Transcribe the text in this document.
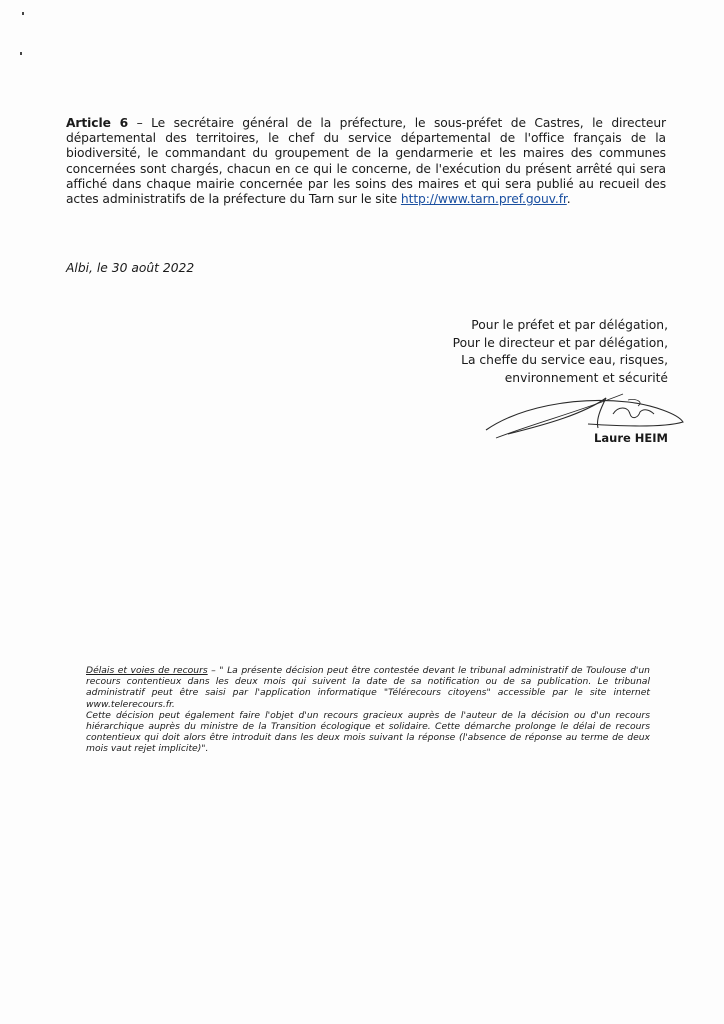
Article 6 – Le secrétaire général de la préfecture, le sous-préfet de Castres, le directeur départemental des territoires, le chef du service départemental de l'office français de la biodiversité, le commandant du groupement de la gendarmerie et les maires des communes concernées sont chargés, chacun en ce qui le concerne, de l'exécution du présent arrêté qui sera affiché dans chaque mairie concernée par les soins des maires et qui sera publié au recueil des actes administratifs de la préfecture du Tarn sur le site http://www.tarn.pref.gouv.fr.
Albi, le 30 août 2022
Pour le préfet et par délégation,
Pour le directeur et par délégation,
La cheffe du service eau, risques,
environnement et sécurité
Laure HEIM

Délais et voies de recours – " La présente décision peut être contestée devant le tribunal administratif de Toulouse d'un recours contentieux dans les deux mois qui suivent la date de sa notification ou de sa publication. Le tribunal administratif peut être saisi par l'application informatique "Télérecours citoyens" accessible par le site internet www.telerecours.fr.

Cette décision peut également faire l'objet d'un recours gracieux auprès de l'auteur de la décision ou d'un recours hiérarchique auprès du ministre de la Transition écologique et solidaire. Cette démarche prolonge le délai de recours contentieux qui doit alors être introduit dans les deux mois suivant la réponse (l'absence de réponse au terme de deux mois vaut rejet implicite)".
